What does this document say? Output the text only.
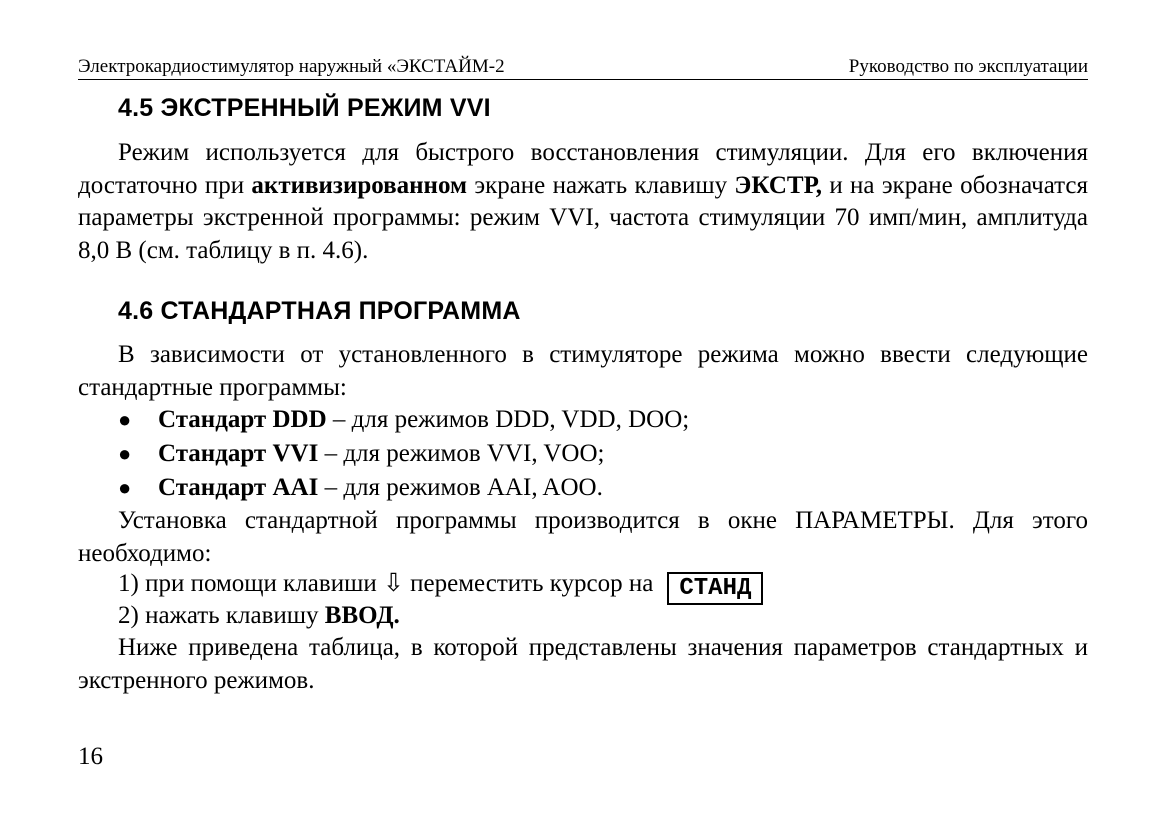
Электрокардиостимулятор наружный «ЭКСТАЙМ-2	Руководство по эксплуатации
4.5 ЭКСТРЕННЫЙ РЕЖИМ VVI

Режим используется для быстрого восстановления стимуляции. Для его включения достаточно при активизированном экране нажать клавишу ЭКСТР, и на экране обозначатся параметры экстренной программы: режим VVI, частота стимуляции 70 имп/мин, амплитуда 8,0 В (см. таблицу в п. 4.6).

4.6 СТАНДАРТНАЯ ПРОГРАММА

В зависимости от установленного в стимуляторе режима можно ввести следующие стандартные программы:

● Стандарт DDD – для режимов DDD, VDD, DOO;
● Стандарт VVI – для режимов VVI, VOO;
● Стандарт AAI – для режимов AAI, AOO.

Установка стандартной программы производится в окне ПАРАМЕТРЫ. Для этого необходимо:

1) при помощи клавиши ⇩ переместить курсор на СТАНД
2) нажать клавишу ВВОД.

Ниже приведена таблица, в которой представлены значения параметров стандартных и экстренного режимов.

16
